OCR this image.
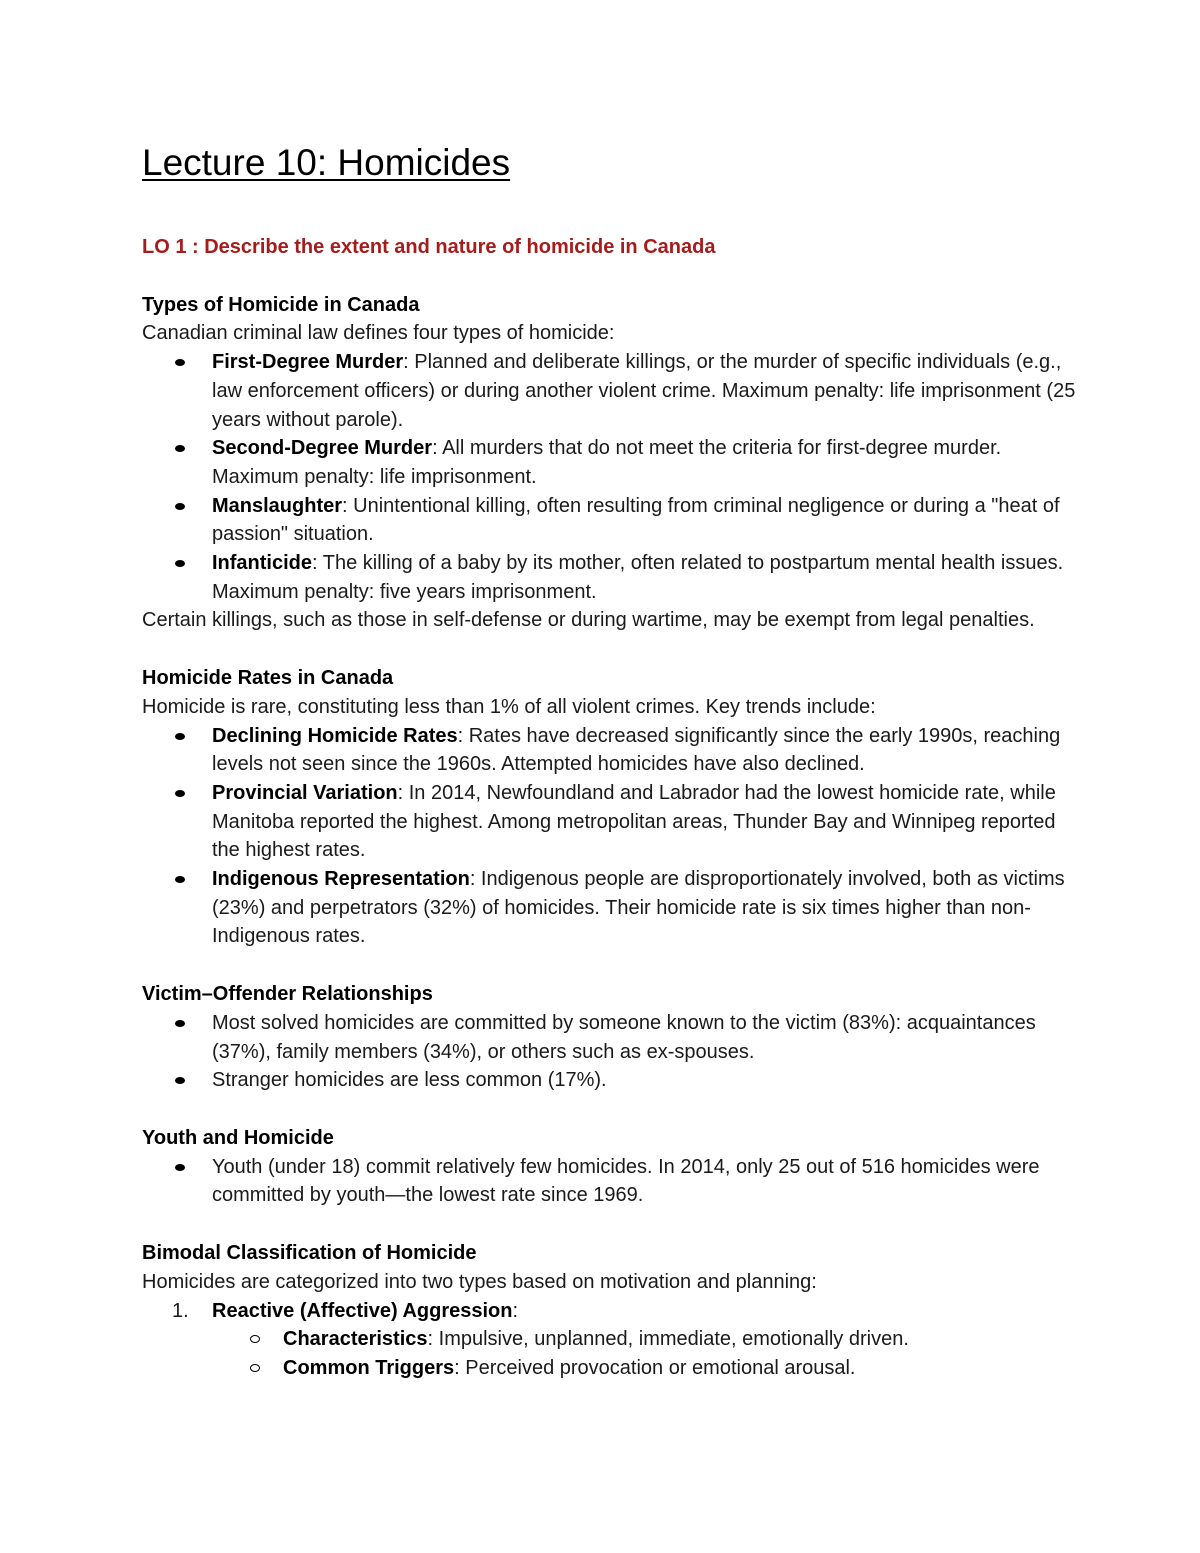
Lecture 10: Homicides

LO 1 : Describe the extent and nature of homicide in Canada

Types of Homicide in Canada

Canadian criminal law defines four types of homicide:

First-Degree Murder: Planned and deliberate killings, or the murder of specific individuals (e.g., law enforcement officers) or during another violent crime. Maximum penalty: life imprisonment (25 years without parole).
Second-Degree Murder: All murders that do not meet the criteria for first-degree murder. Maximum penalty: life imprisonment.
Manslaughter: Unintentional killing, often resulting from criminal negligence or during a "heat of passion" situation.
Infanticide: The killing of a baby by its mother, often related to postpartum mental health issues. Maximum penalty: five years imprisonment.

Certain killings, such as those in self-defense or during wartime, may be exempt from legal penalties.

Homicide Rates in Canada

Homicide is rare, constituting less than 1% of all violent crimes. Key trends include:

Declining Homicide Rates: Rates have decreased significantly since the early 1990s, reaching levels not seen since the 1960s. Attempted homicides have also declined.
Provincial Variation: In 2014, Newfoundland and Labrador had the lowest homicide rate, while Manitoba reported the highest. Among metropolitan areas, Thunder Bay and Winnipeg reported the highest rates.
Indigenous Representation: Indigenous people are disproportionately involved, both as victims (23%) and perpetrators (32%) of homicides. Their homicide rate is six times higher than non-Indigenous rates.

Victim–Offender Relationships

Most solved homicides are committed by someone known to the victim (83%): acquaintances (37%), family members (34%), or others such as ex-spouses.
Stranger homicides are less common (17%).

Youth and Homicide

Youth (under 18) commit relatively few homicides. In 2014, only 25 out of 516 homicides were committed by youth—the lowest rate since 1969.

Bimodal Classification of Homicide

Homicides are categorized into two types based on motivation and planning:

1. Reactive (Affective) Aggression:
Characteristics: Impulsive, unplanned, immediate, emotionally driven.
Common Triggers: Perceived provocation or emotional arousal.
